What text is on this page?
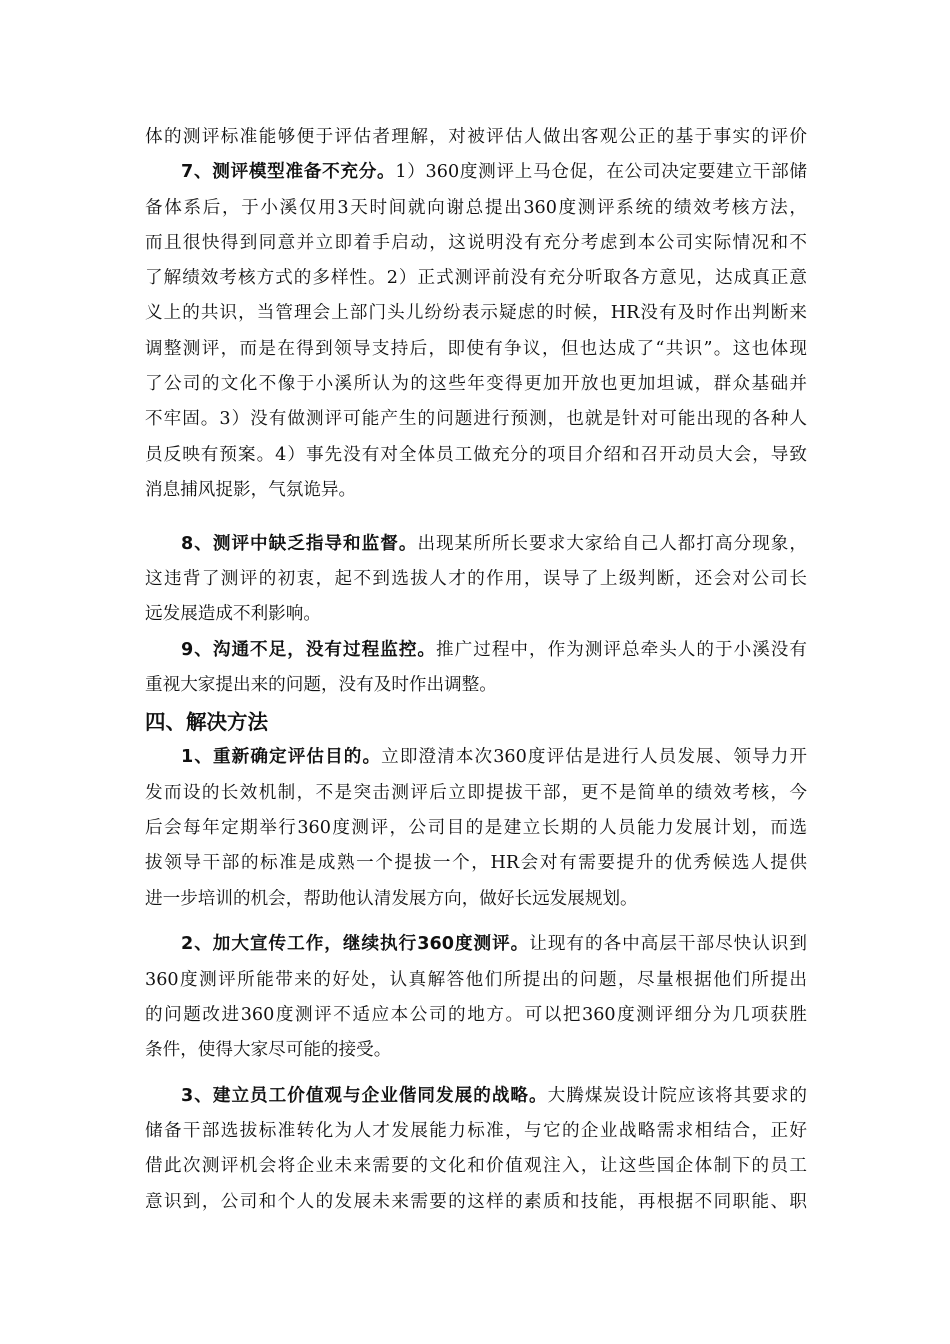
体的测评标准能够便于评估者理解，对被评估人做出客观公正的基于事实的评价
7、测评模型准备不充分。1）360度测评上马仓促，在公司决定要建立干部储
备体系后，于小溪仅用3天时间就向谢总提出360度测评系统的绩效考核方法，
而且很快得到同意并立即着手启动，这说明没有充分考虑到本公司实际情况和不
了解绩效考核方式的多样性。2）正式测评前没有充分听取各方意见，达成真正意
义上的共识，当管理会上部门头儿纷纷表示疑虑的时候，HR没有及时作出判断来
调整测评，而是在得到领导支持后，即使有争议，但也达成了“共识”。这也体现
了公司的文化不像于小溪所认为的这些年变得更加开放也更加坦诚，群众基础并
不牢固。3）没有做测评可能产生的问题进行预测，也就是针对可能出现的各种人
员反映有预案。4）事先没有对全体员工做充分的项目介绍和召开动员大会，导致
消息捕风捉影，气氛诡异。
8、测评中缺乏指导和监督。出现某所所长要求大家给自己人都打高分现象，
这违背了测评的初衷，起不到选拔人才的作用，误导了上级判断，还会对公司长
远发展造成不利影响。
9、沟通不足，没有过程监控。推广过程中，作为测评总牵头人的于小溪没有
重视大家提出来的问题，没有及时作出调整。
四、解决方法
1、重新确定评估目的。立即澄清本次360度评估是进行人员发展、领导力开
发而设的长效机制，不是突击测评后立即提拔干部，更不是简单的绩效考核，今
后会每年定期举行360度测评，公司目的是建立长期的人员能力发展计划，而选
拔领导干部的标准是成熟一个提拔一个，HR会对有需要提升的优秀候选人提供
进一步培训的机会，帮助他认清发展方向，做好长远发展规划。
2、加大宣传工作，继续执行360度测评。让现有的各中高层干部尽快认识到
360度测评所能带来的好处，认真解答他们所提出的问题，尽量根据他们所提出
的问题改进360度测评不适应本公司的地方。可以把360度测评细分为几项获胜
条件，使得大家尽可能的接受。
3、建立员工价值观与企业偕同发展的战略。大腾煤炭设计院应该将其要求的
储备干部选拔标准转化为人才发展能力标准，与它的企业战略需求相结合，正好
借此次测评机会将企业未来需要的文化和价值观注入，让这些国企体制下的员工
意识到，公司和个人的发展未来需要的这样的素质和技能，再根据不同职能、职
